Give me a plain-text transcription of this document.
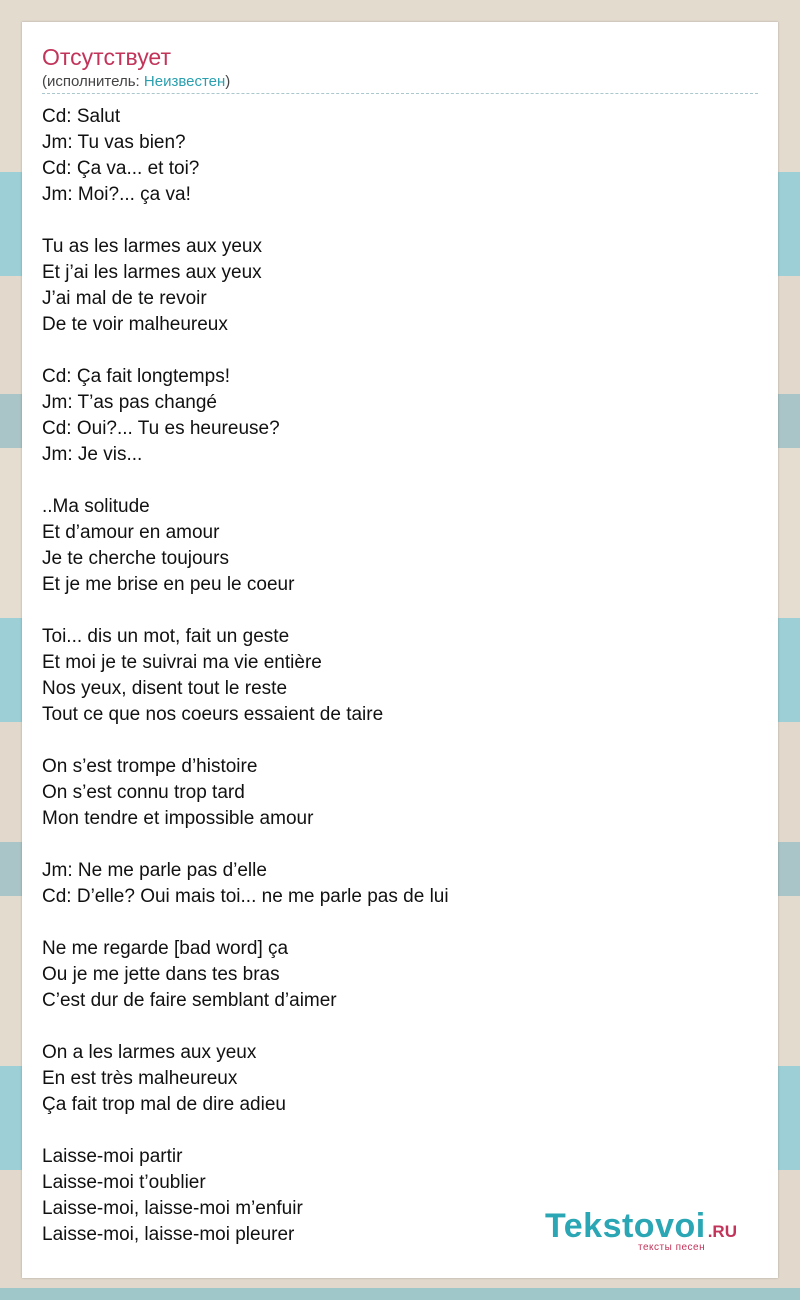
Отсутствует
(исполнитель: Неизвестен)
Cd: Salut
Jm: Tu vas bien?
Cd: Ça va... et toi?
Jm: Moi?... ça va!
Tu as les larmes aux yeux
Et j’ai les larmes aux yeux
J’ai mal de te revoir
De te voir malheureux
Cd: Ça fait longtemps!
Jm: T’as pas changé
Cd: Oui?... Tu es heureuse?
Jm: Je vis...
..Ma solitude
Et d’amour en amour
Je te cherche toujours
Et je me brise en peu le coeur
Toi... dis un mot, fait un geste
Et moi je te suivrai ma vie entière
Nos yeux, disent tout le reste
Tout ce que nos coeurs essaient de taire
On s’est trompe d’histoire
On s’est connu trop tard
Mon tendre et impossible amour
Jm: Ne me parle pas d’elle
Cd: D’elle? Oui mais toi... ne me parle pas de lui
Ne me regarde [bad word] ça
Ou je me jette dans tes bras
C’est dur de faire semblant d’aimer
On a les larmes aux yeux
En est très malheureux
Ça fait trop mal de dire adieu
Laisse-moi partir
Laisse-moi t’oublier
Laisse-moi, laisse-moi m’enfuir
Laisse-moi, laisse-moi pleurer	Tekstovoi .RU
тексты песен
